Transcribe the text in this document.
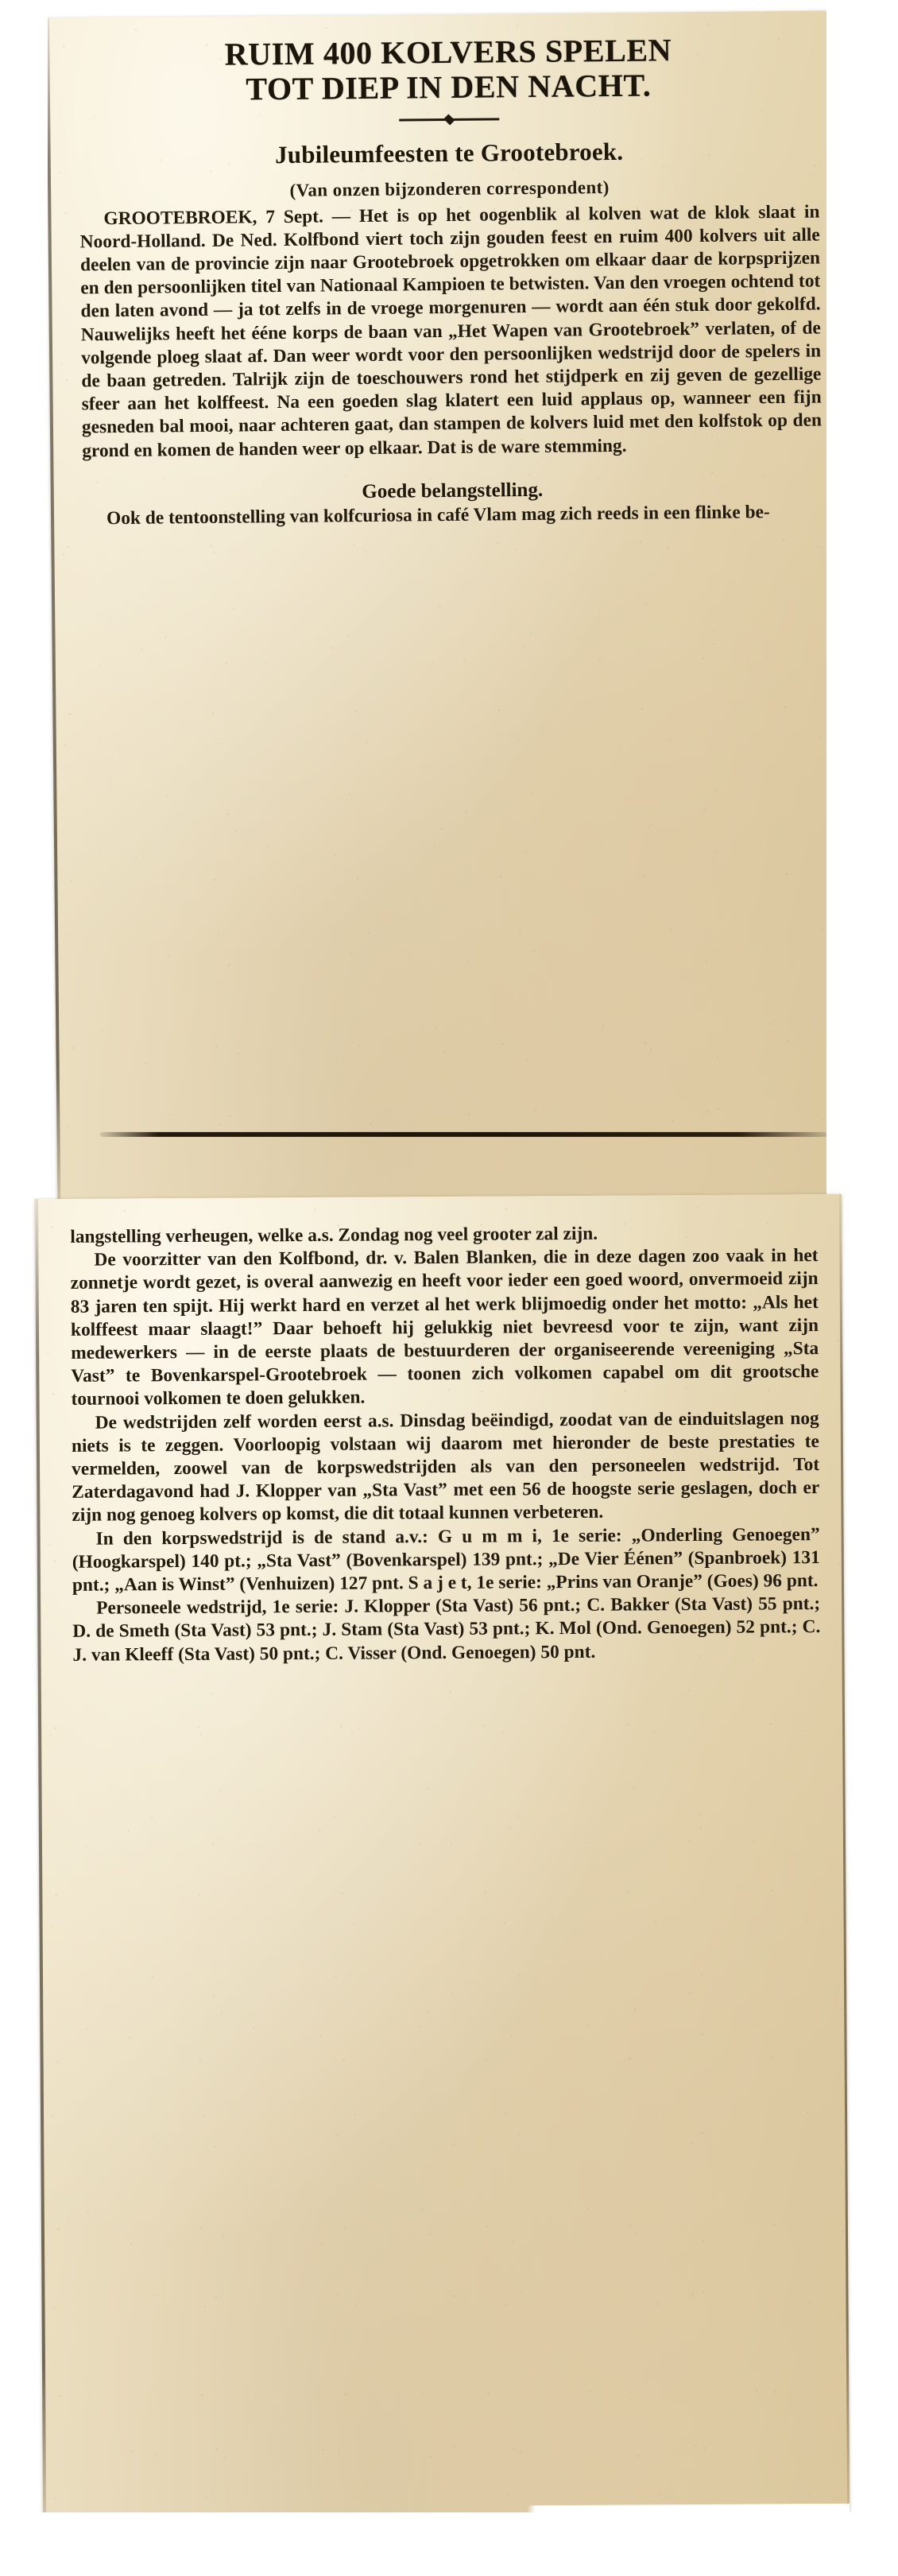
RUIM 400 KOLVERS SPELEN
TOT DIEP IN DEN NACHT.
Jubileumfeesten te Grootebroek.
(Van onzen bijzonderen correspondent)

GROOTEBROEK, 7 Sept. — Het is op het oogenblik al kolven wat de klok slaat in Noord-Holland. De Ned. Kolfbond viert toch zijn gouden feest en ruim 400 kolvers uit alle deelen van de provincie zijn naar Grootebroek opgetrokken om elkaar daar de korpsprijzen en den persoonlijken titel van Nationaal Kampioen te betwisten. Van den vroegen ochtend tot den laten avond — ja tot zelfs in de vroege morgenuren — wordt aan één stuk door gekolfd. Nauwelijks heeft het ééne korps de baan van „Het Wapen van Grootebroek” verlaten, of de volgende ploeg slaat af. Dan weer wordt voor den persoonlijken wedstrijd door de spelers in de baan getreden. Talrijk zijn de toeschouwers rond het stijdperk en zij geven de gezellige sfeer aan het kolffeest. Na een goeden slag klatert een luid applaus op, wanneer een fijn gesneden bal mooi, naar achteren gaat, dan stampen de kolvers luid met den kolfstok op den grond en komen de handen weer op elkaar. Dat is de ware stemming.

Goede belangstelling.

Ook de tentoonstelling van kolfcuriosa in café Vlam mag zich reeds in een flinke be-

langstelling verheugen, welke a.s. Zondag nog veel grooter zal zijn.

De voorzitter van den Kolfbond, dr. v. Balen Blanken, die in deze dagen zoo vaak in het zonnetje wordt gezet, is overal aanwezig en heeft voor ieder een goed woord, onvermoeid zijn 83 jaren ten spijt. Hij werkt hard en verzet al het werk blijmoedig onder het motto: „Als het kolffeest maar slaagt!” Daar behoeft hij gelukkig niet bevreesd voor te zijn, want zijn medewerkers — in de eerste plaats de bestuurderen der organiseerende vereeniging „Sta Vast” te Bovenkarspel-Grootebroek — toonen zich volkomen capabel om dit grootsche tournooi volkomen te doen gelukken.

De wedstrijden zelf worden eerst a.s. Dinsdag beëindigd, zoodat van de einduitslagen nog niets is te zeggen. Voorloopig volstaan wij daarom met hieronder de beste prestaties te vermelden, zoowel van de korpswedstrijden als van den personeelen wedstrijd. Tot Zaterdagavond had J. Klopper van „Sta Vast” met een 56 de hoogste serie geslagen, doch er zijn nog genoeg kolvers op komst, die dit totaal kunnen verbeteren.

In den korpswedstrijd is de stand a.v.: G u m m i, 1e serie: „Onderling Genoegen” (Hoogkarspel) 140 pt.; „Sta Vast” (Bovenkarspel) 139 pnt.; „De Vier Éénen” (Spanbroek) 131 pnt.; „Aan is Winst” (Venhuizen) 127 pnt. S a j e t, 1e serie: „Prins van Oranje” (Goes) 96 pnt.

Personeele wedstrijd, 1e serie: J. Klopper (Sta Vast) 56 pnt.; C. Bakker (Sta Vast) 55 pnt.; D. de Smeth (Sta Vast) 53 pnt.; J. Stam (Sta Vast) 53 pnt.; K. Mol (Ond. Genoegen) 52 pnt.; C. J. van Kleeff (Sta Vast) 50 pnt.; C. Visser (Ond. Genoegen) 50 pnt.
